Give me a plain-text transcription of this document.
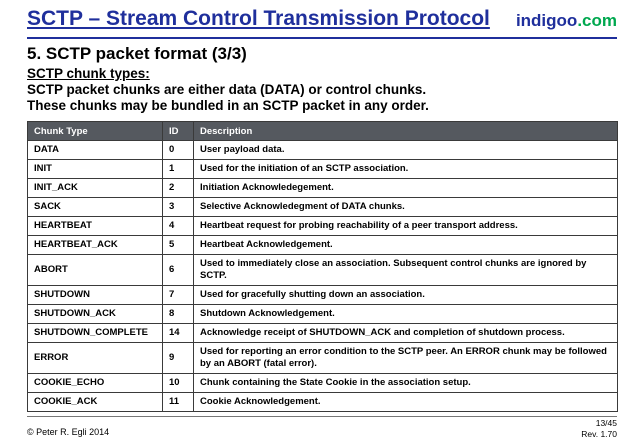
SCTP – Stream Control Transmission Protocol indigoo.com
5. SCTP packet format (3/3)
SCTP chunk types:
SCTP packet chunks are either data (DATA) or control chunks.
These chunks may be bundled in an SCTP packet in any order.
Chunk Type	ID	Description
DATA	0	User payload data.
INIT	1	Used for the initiation of an SCTP association.
INIT_ACK	2	Initiation Acknowledegement.
SACK	3	Selective Acknowledegment of DATA chunks.
HEARTBEAT	4	Heartbeat request for probing reachability of a peer transport address.
HEARTBEAT_ACK	5	Heartbeat Acknowledgement.
ABORT	6	Used to immediately close an association. Subsequent control chunks are ignored by SCTP.
SHUTDOWN	7	Used for gracefully shutting down an association.
SHUTDOWN_ACK	8	Shutdown Acknowledgement.
SHUTDOWN_COMPLETE	14	Acknowledge receipt of SHUTDOWN_ACK and completion of shutdown process.
ERROR	9	Used for reporting an error condition to the SCTP peer. An ERROR chunk may be followed by an ABORT (fatal error).
COOKIE_ECHO	10	Chunk containing the State Cookie in the association setup.
COOKIE_ACK	11	Cookie Acknowledgement.
© Peter R. Egli 2014
13/45
Rev. 1.70
